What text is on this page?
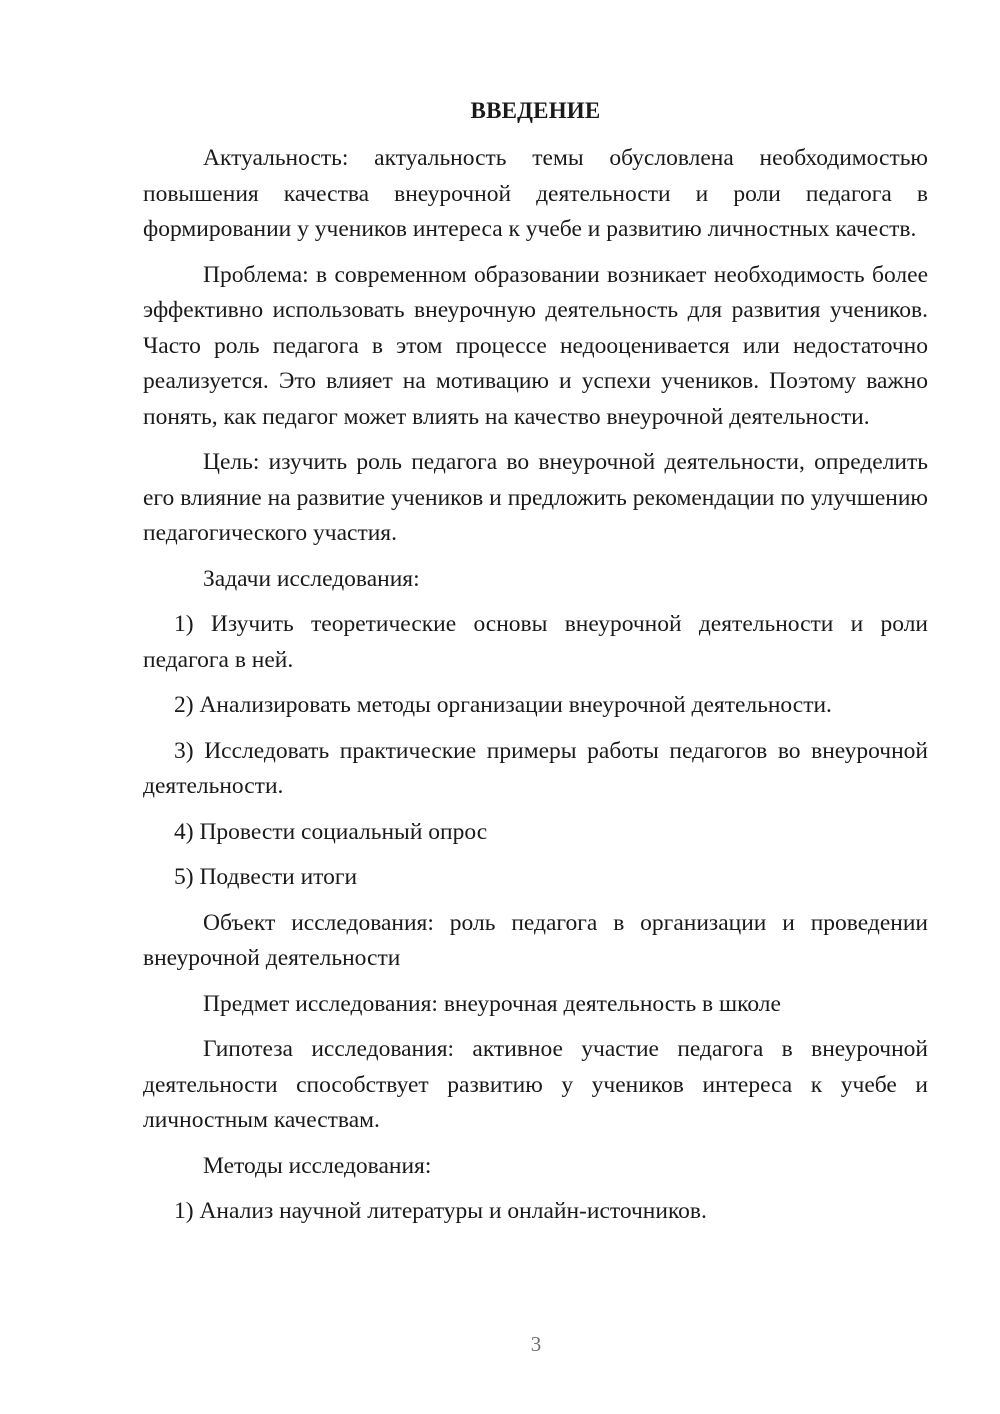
ВВЕДЕНИЕ

Актуальность: актуальность темы обусловлена необходимостью повышения качества внеурочной деятельности и роли педагога в формировании у учеников интереса к учебе и развитию личностных качеств.

Проблема: в современном образовании возникает необходимость более эффективно использовать внеурочную деятельность для развития учеников. Часто роль педагога в этом процессе недооценивается или недостаточно реализуется. Это влияет на мотивацию и успехи учеников. Поэтому важно понять, как педагог может влиять на качество внеурочной деятельности.

Цель: изучить роль педагога во внеурочной деятельности, определить его влияние на развитие учеников и предложить рекомендации по улучшению педагогического участия.

Задачи исследования:

1) Изучить теоретические основы внеурочной деятельности и роли педагога в ней.

2) Анализировать методы организации внеурочной деятельности.

3) Исследовать практические примеры работы педагогов во внеурочной деятельности.

4) Провести социальный опрос

5) Подвести итоги

Объект исследования: роль педагога в организации и проведении внеурочной деятельности

Предмет исследования: внеурочная деятельность в школе

Гипотеза исследования: активное участие педагога в внеурочной деятельности способствует развитию у учеников интереса к учебе и личностным качествам.

Методы исследования:

1) Анализ научной литературы и онлайн-источников.

3
